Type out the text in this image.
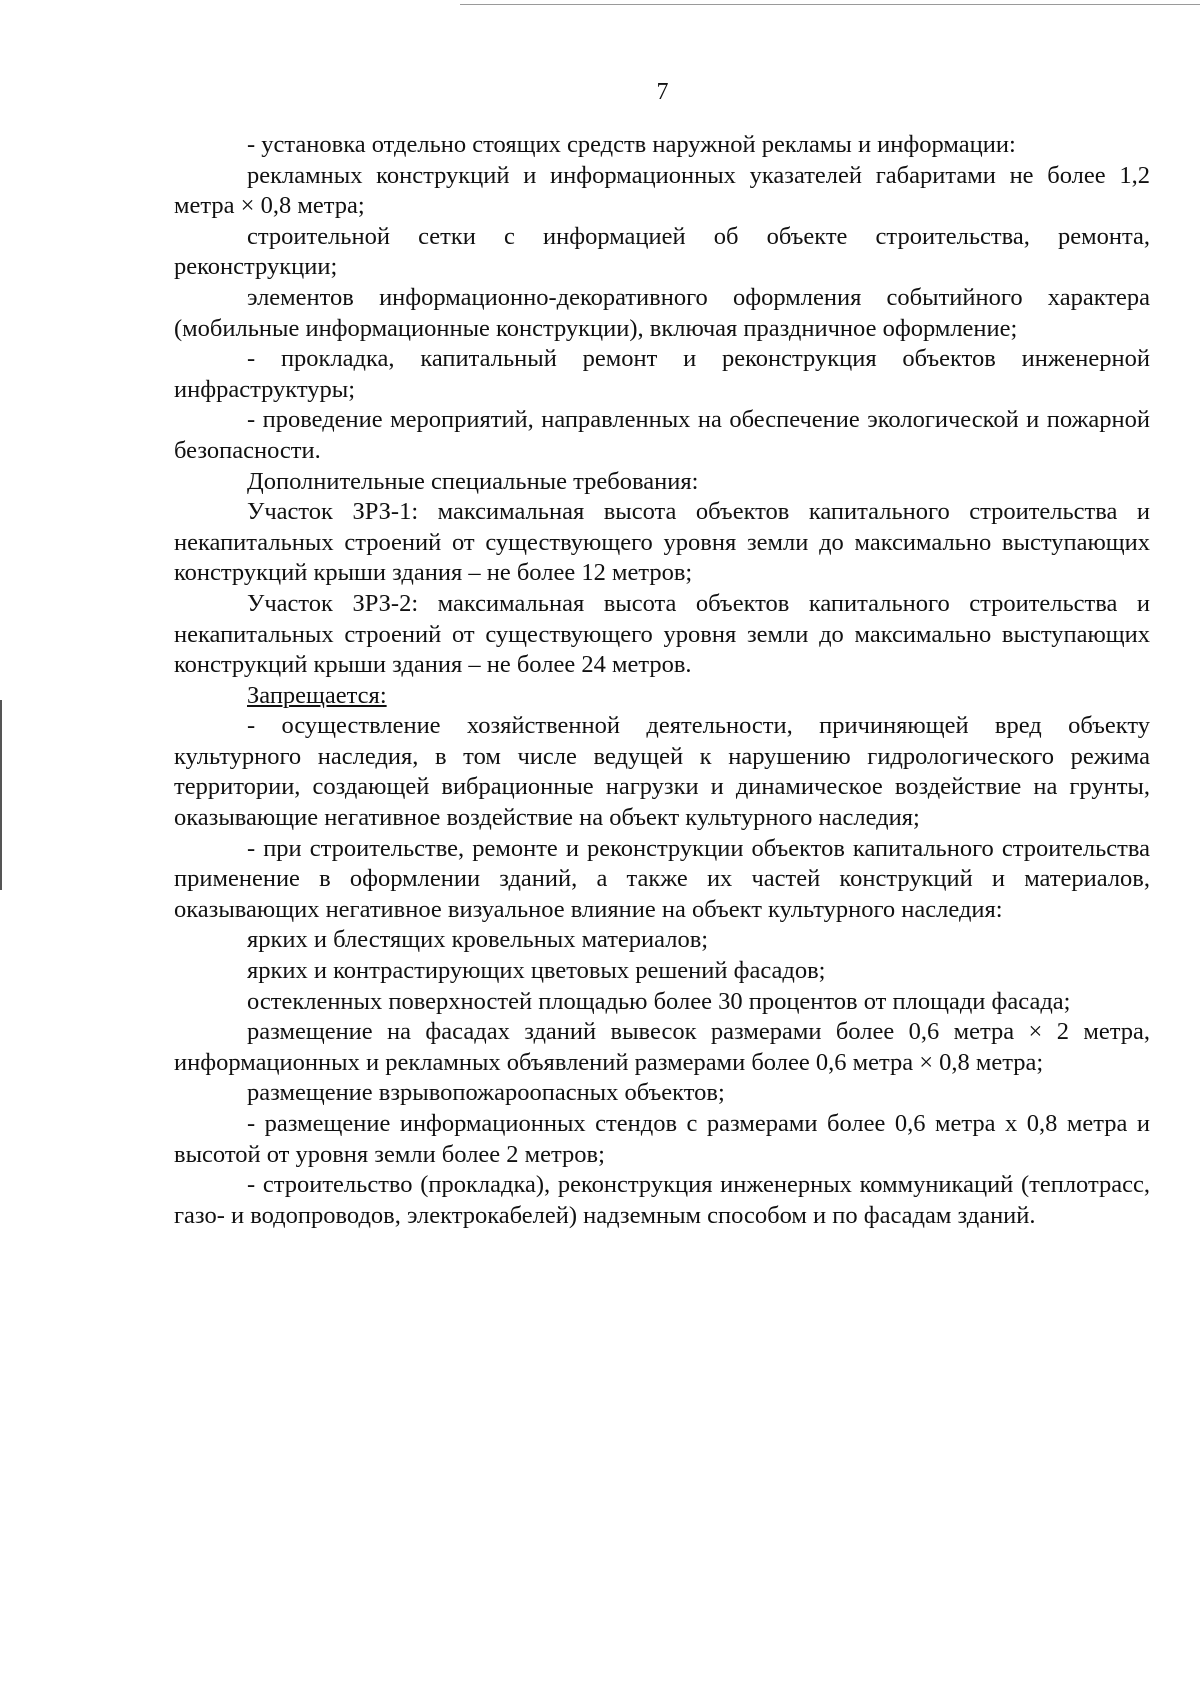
7

- установка отдельно стоящих средств наружной рекламы и информации:

рекламных конструкций и информационных указателей габаритами не более 1,2 метра × 0,8 метра;

строительной сетки с информацией об объекте строительства, ремонта, реконструкции;

элементов информационно-декоративного оформления событийного характера (мобильные информационные конструкции), включая праздничное оформление;

- прокладка, капитальный ремонт и реконструкция объектов инженерной инфраструктуры;

- проведение мероприятий, направленных на обеспечение экологической и пожарной безопасности.

Дополнительные специальные требования:

Участок ЗРЗ-1: максимальная высота объектов капитального строительства и некапитальных строений от существующего уровня земли до максимально выступающих конструкций крыши здания – не более 12 метров;

Участок ЗРЗ-2: максимальная высота объектов капитального строительства и некапитальных строений от существующего уровня земли до максимально выступающих конструкций крыши здания – не более 24 метров.

Запрещается:

- осуществление хозяйственной деятельности, причиняющей вред объекту культурного наследия, в том числе ведущей к нарушению гидрологического режима территории, создающей вибрационные нагрузки и динамическое воздействие на грунты, оказывающие негативное воздействие на объект культурного наследия;

- при строительстве, ремонте и реконструкции объектов капитального строительства применение в оформлении зданий, а также их частей конструкций и материалов, оказывающих негативное визуальное влияние на объект культурного наследия:

ярких и блестящих кровельных материалов;

ярких и контрастирующих цветовых решений фасадов;

остекленных поверхностей площадью более 30 процентов от площади фасада;

размещение на фасадах зданий вывесок размерами более 0,6 метра × 2 метра, информационных и рекламных объявлений размерами более 0,6 метра × 0,8 метра;

размещение взрывопожароопасных объектов;

- размещение информационных стендов с размерами более 0,6 метра х 0,8 метра и высотой от уровня земли более 2 метров;

- строительство (прокладка), реконструкция инженерных коммуникаций (теплотрасс, газо- и водопроводов, электрокабелей) надземным способом и по фасадам зданий.
